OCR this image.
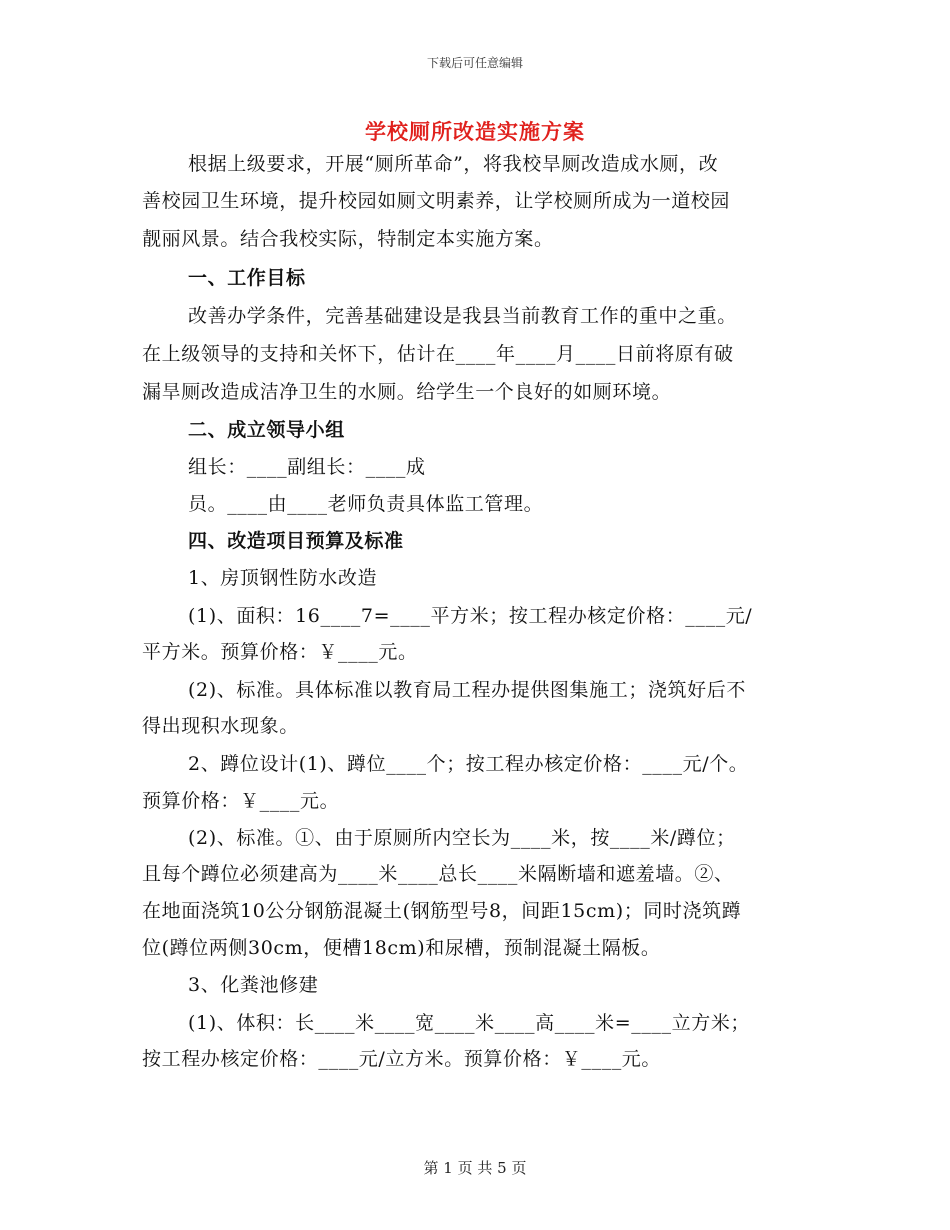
下载后可任意编辑
学校厕所改造实施方案
根据上级要求，开展“厕所革命”，将我校旱厕改造成水厕，改
善校园卫生环境，提升校园如厕文明素养，让学校厕所成为一道校园
靓丽风景。结合我校实际，特制定本实施方案。
一、工作目标
改善办学条件，完善基础建设是我县当前教育工作的重中之重。
在上级领导的支持和关怀下，估计在____年____月____日前将原有破
漏旱厕改造成洁净卫生的水厕。给学生一个良好的如厕环境。
二、成立领导小组
组长：____副组长：____成
员。____由____老师负责具体监工管理。
四、改造项目预算及标准
1、房顶钢性防水改造
(1)、面积：16____7=____平方米；按工程办核定价格：____元/
平方米。预算价格：￥____元。
(2)、标准。具体标准以教育局工程办提供图集施工；浇筑好后不
得出现积水现象。
2、蹲位设计(1)、蹲位____个；按工程办核定价格：____元/个。
预算价格：￥____元。
(2)、标准。①、由于原厕所内空长为____米，按____米/蹲位；
且每个蹲位必须建高为____米____总长____米隔断墙和遮羞墙。②、
在地面浇筑10公分钢筋混凝土(钢筋型号8，间距15cm)；同时浇筑蹲
位(蹲位两侧30cm，便槽18cm)和尿槽，预制混凝土隔板。
3、化粪池修建
(1)、体积：长____米____宽____米____高____米=____立方米；
按工程办核定价格：____元/立方米。预算价格：￥____元。
第 1 页 共 5 页
